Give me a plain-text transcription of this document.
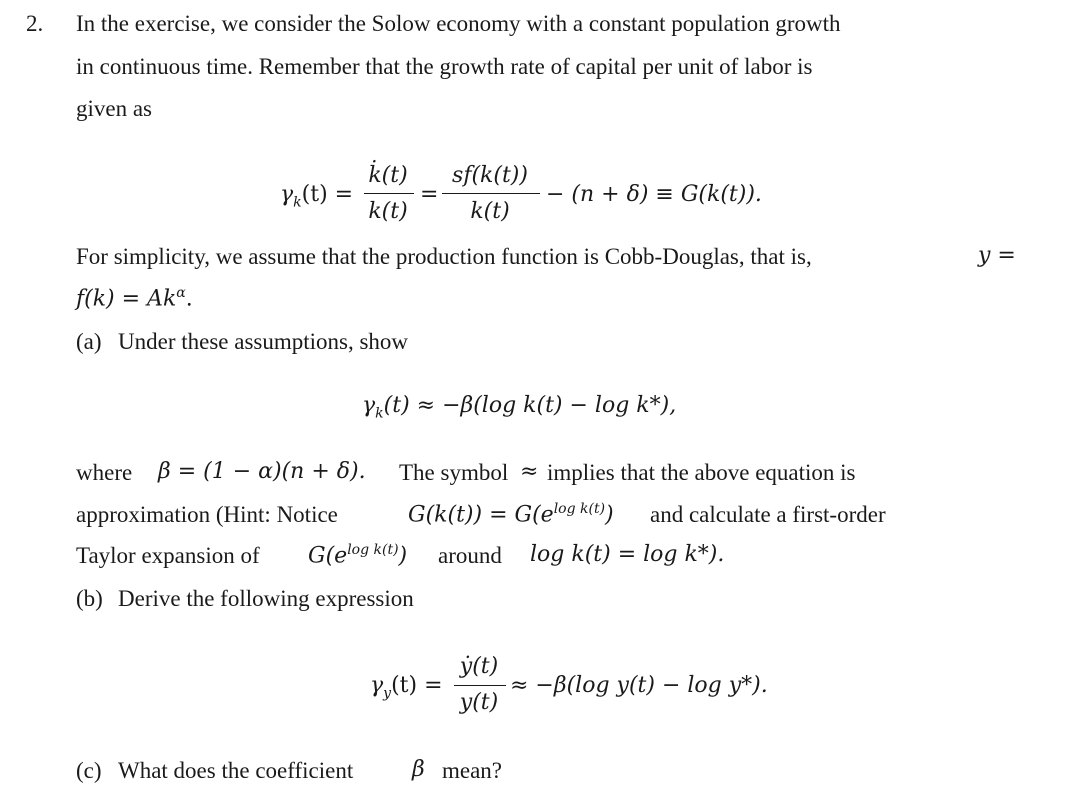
2. In the exercise, we consider the Solow economy with a constant population growth
in continuous time. Remember that the growth rate of capital per unit of labor is
given as
$\gamma_k(t)$ =
k̇(t)
k(t)
=
sf(k(t))
k(t)
− (n + δ) ≡ G(k(t)).
For simplicity, we assume that the production function is Cobb-Douglas, that is,	y =
$f(k) = Ak^\alpha$.
(a) Under these assumptions, show
$\gamma_k(t) \approx -\beta(\log$ k(t) − log k*),
where β = (1 − α)(n + δ). The symbol ≈ implies that the above equation is
approximation (Hint: Notice	$G(k(t)) = G(e^{log k(t)})$ and calculate a first-order
Taylor expansion of $G(e^{log k(t)})$ around log k(t) = log k*).
(b) Derive the following expression
$\gamma_y(t)$ =
ẏ(t)
y(t)
≈ −β(log y(t) − log y*).
(c) What does the coefficient	β mean?
